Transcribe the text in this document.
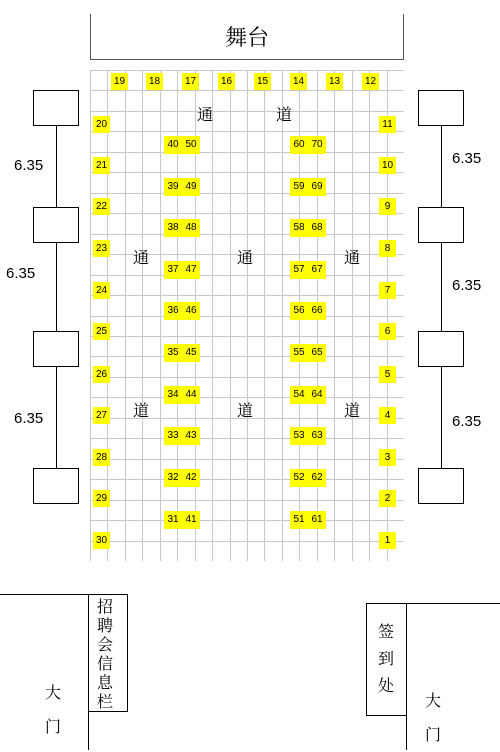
舞台
19 18 17 16 15 14 13 12
20
21
22
23
24
25
26
27
28
29
30
11
10
9
8
7
6
5
4
3
2
1
40 50
39 49
38 48
37 47
36 46
35 45
34 44
33 43
32 42
31 41
60 70
59 69
58 68
57 67
56 66
55 65
54 64
53 63
52 62
51 61
通	道
通	通	通
道	道	道
6.35
6.35
6.35
6.35
6.35
6.35
招聘会信息栏
签到处
大
门
大
门
